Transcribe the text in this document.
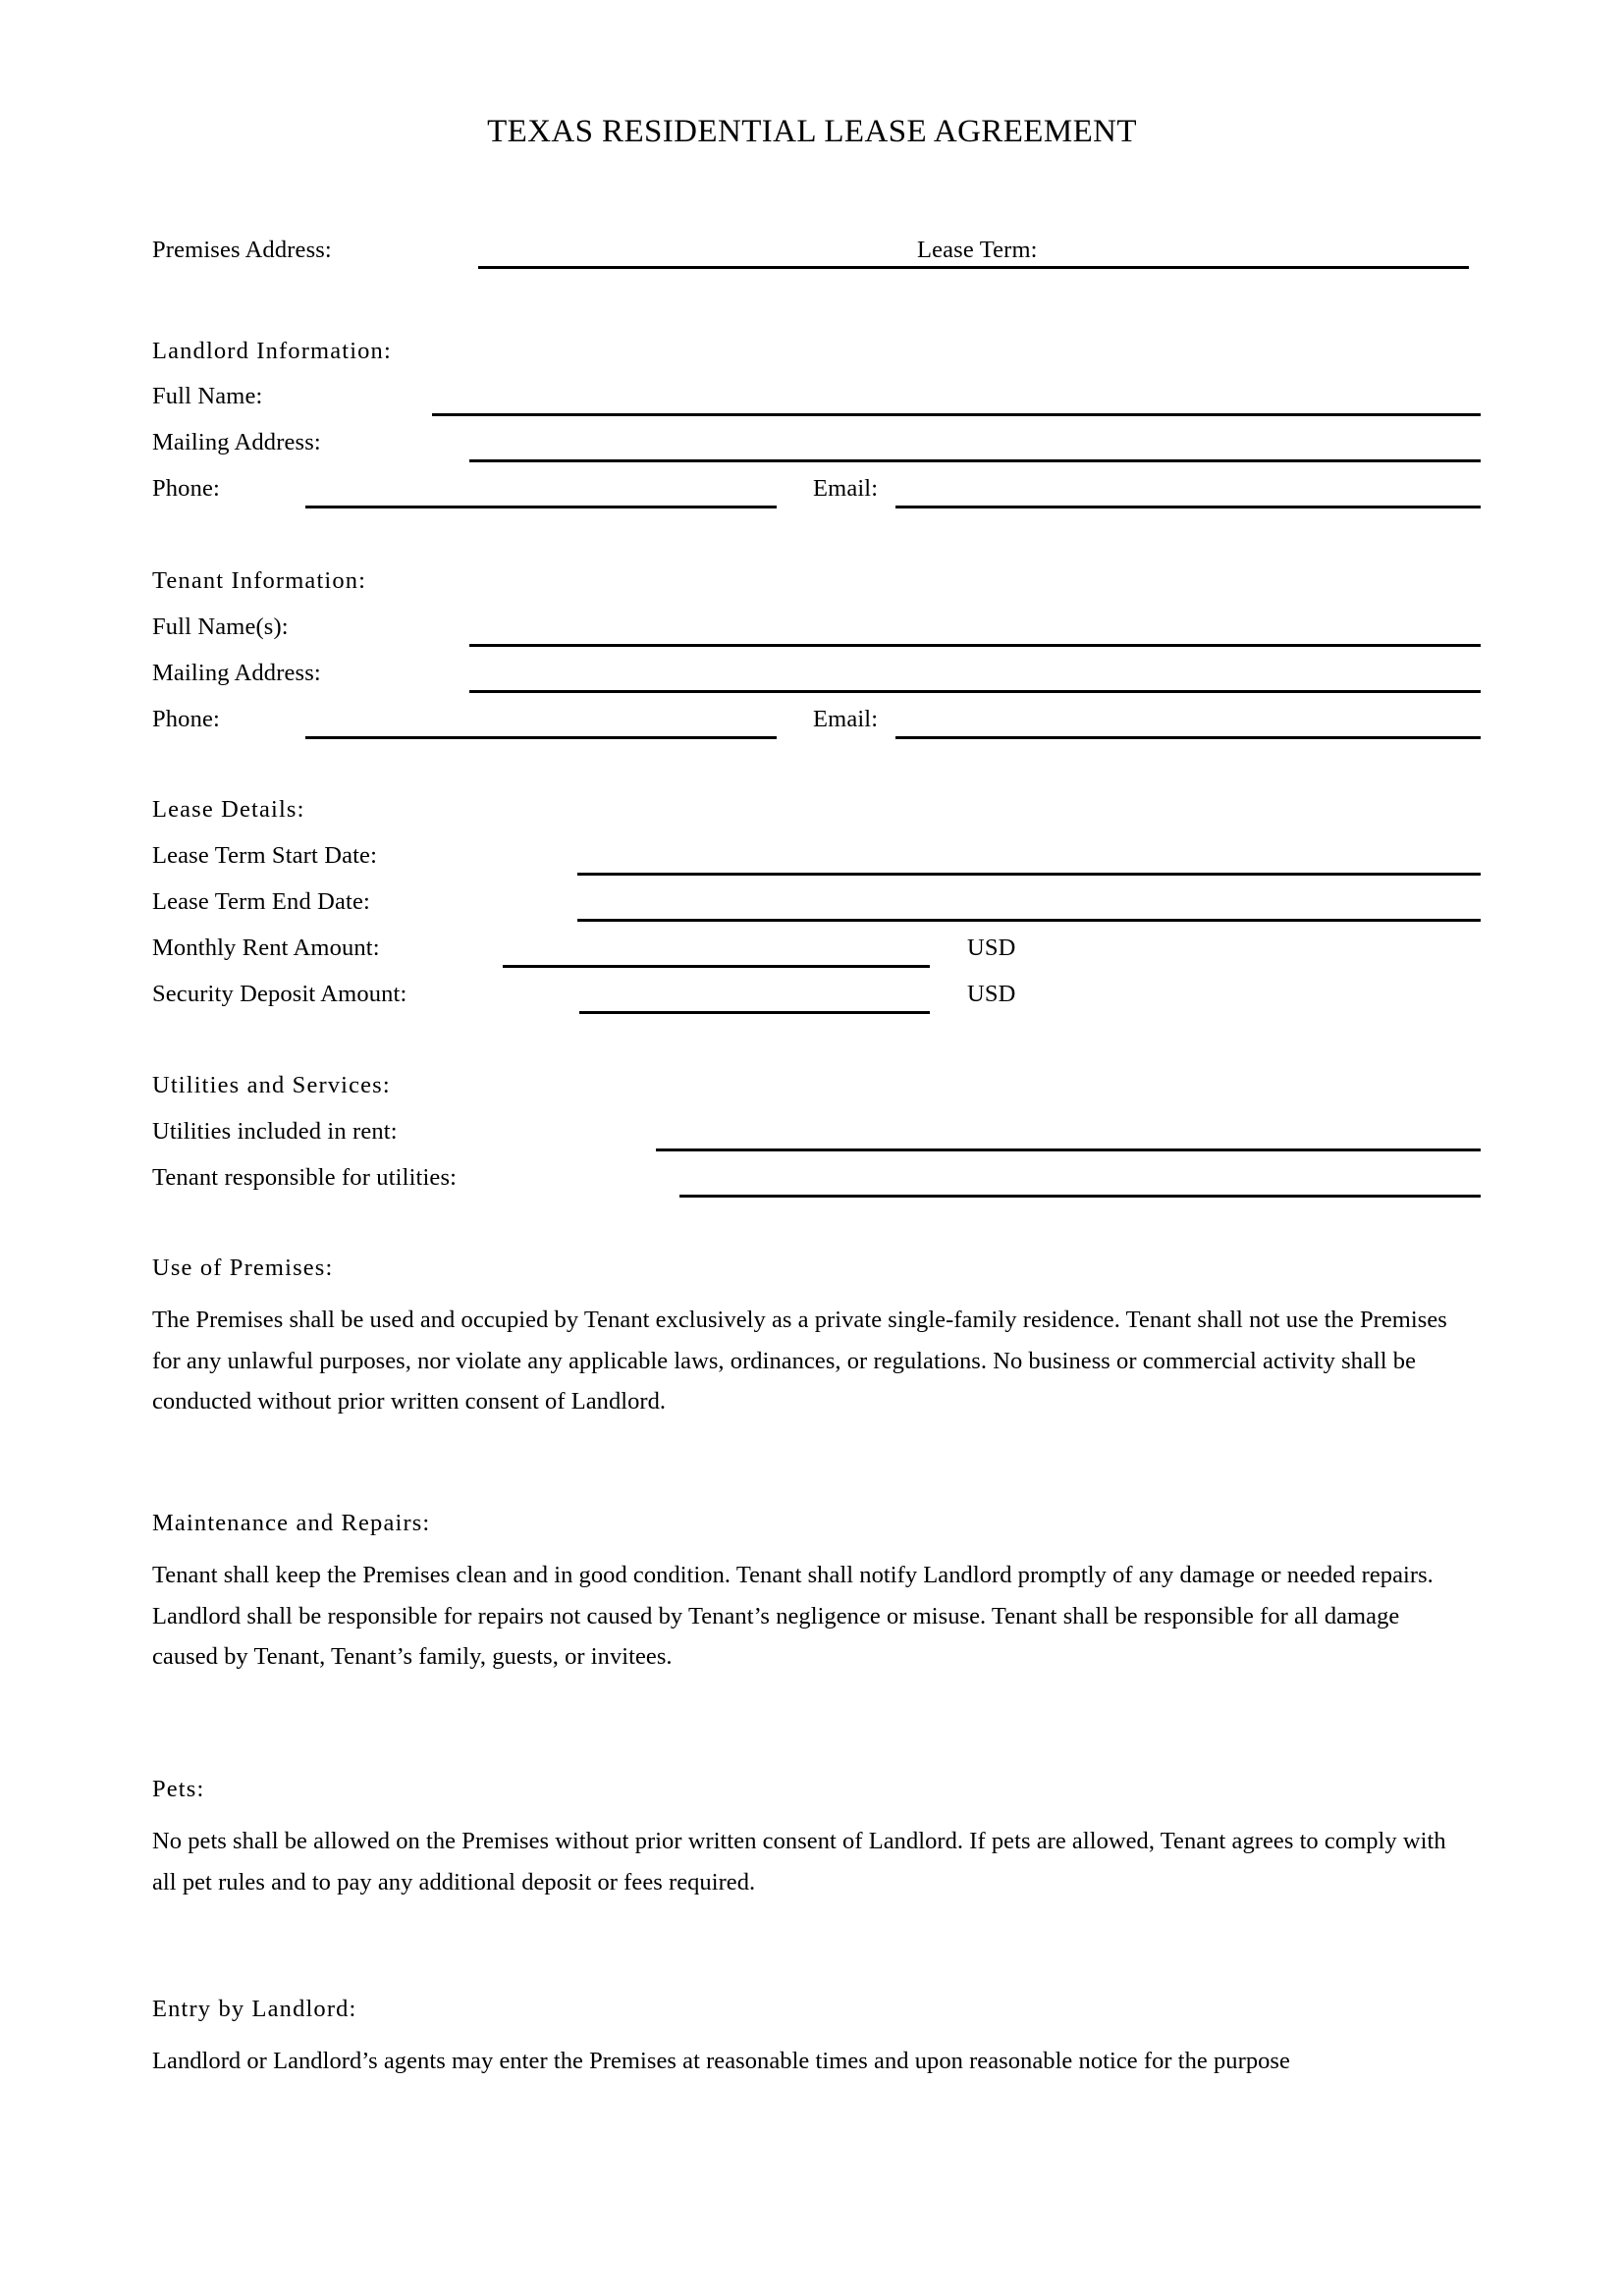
TEXAS RESIDENTIAL LEASE AGREEMENT
Premises Address:	Lease Term:
Landlord Information:
Full Name:
Mailing Address:
Phone:	Email:
Tenant Information:
Full Name(s):
Mailing Address:
Phone:	Email:
Lease Details:
Lease Term Start Date:
Lease Term End Date:
Monthly Rent Amount:	USD
Security Deposit Amount:	USD
Utilities and Services:
Utilities included in rent:
Tenant responsible for utilities:
Use of Premises:
The Premises shall be used and occupied by Tenant exclusively as a private single-family residence. Tenant shall not use the Premises for any unlawful purposes, nor violate any applicable laws, ordinances, or regulations. No business or commercial activity shall be conducted without prior written consent of Landlord.
Maintenance and Repairs:
Tenant shall keep the Premises clean and in good condition. Tenant shall notify Landlord promptly of any damage or needed repairs. Landlord shall be responsible for repairs not caused by Tenant’s negligence or misuse. Tenant shall be responsible for all damage caused by Tenant, Tenant’s family, guests, or invitees.
Pets:
No pets shall be allowed on the Premises without prior written consent of Landlord. If pets are allowed, Tenant agrees to comply with all pet rules and to pay any additional deposit or fees required.
Entry by Landlord:
Landlord or Landlord’s agents may enter the Premises at reasonable times and upon reasonable notice for the purpose
